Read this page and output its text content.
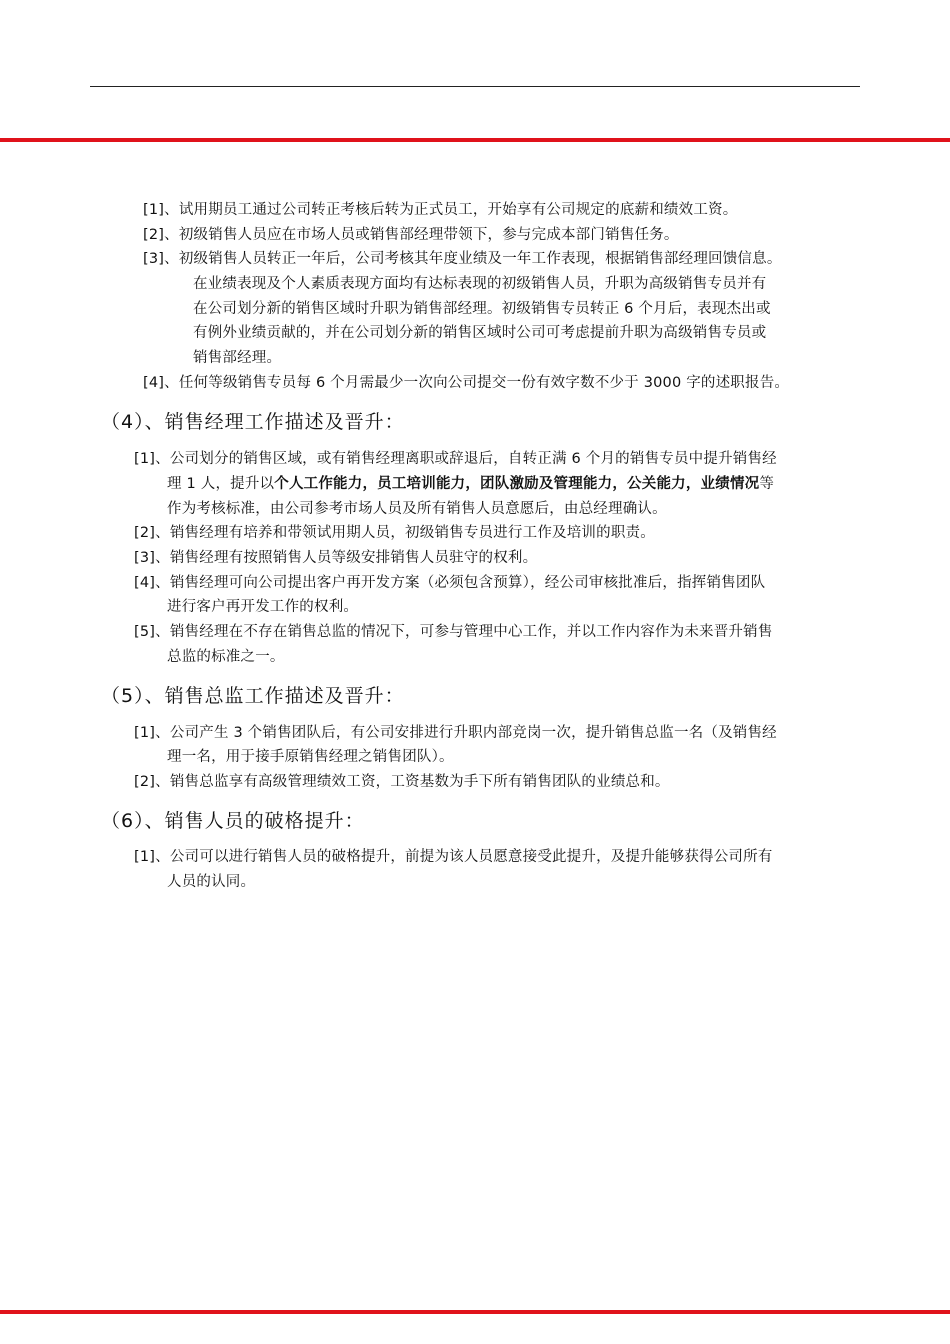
[1]、试用期员工通过公司转正考核后转为正式员工，开始享有公司规定的底薪和绩效工资。
[2]、初级销售人员应在市场人员或销售部经理带领下，参与完成本部门销售任务。
[3]、初级销售人员转正一年后，公司考核其年度业绩及一年工作表现，根据销售部经理回馈信息。
在业绩表现及个人素质表现方面均有达标表现的初级销售人员，升职为高级销售专员并有
在公司划分新的销售区域时升职为销售部经理。初级销售专员转正 6 个月后，表现杰出或
有例外业绩贡献的，并在公司划分新的销售区域时公司可考虑提前升职为高级销售专员或
销售部经理。
[4]、任何等级销售专员每 6 个月需最少一次向公司提交一份有效字数不少于 3000 字的述职报告。
（4）、销售经理工作描述及晋升：
[1]、公司划分的销售区域，或有销售经理离职或辞退后，自转正满 6 个月的销售专员中提升销售经
理 1 人，提升以个人工作能力，员工培训能力，团队激励及管理能力，公关能力，业绩情况等
作为考核标准，由公司参考市场人员及所有销售人员意愿后，由总经理确认。
[2]、销售经理有培养和带领试用期人员，初级销售专员进行工作及培训的职责。
[3]、销售经理有按照销售人员等级安排销售人员驻守的权利。
[4]、销售经理可向公司提出客户再开发方案（必须包含预算），经公司审核批准后，指挥销售团队
进行客户再开发工作的权利。
[5]、销售经理在不存在销售总监的情况下，可参与管理中心工作，并以工作内容作为未来晋升销售
总监的标准之一。
（5）、销售总监工作描述及晋升：
[1]、公司产生 3 个销售团队后，有公司安排进行升职内部竞岗一次，提升销售总监一名（及销售经
理一名，用于接手原销售经理之销售团队）。
[2]、销售总监享有高级管理绩效工资，工资基数为手下所有销售团队的业绩总和。
（6）、销售人员的破格提升：
[1]、公司可以进行销售人员的破格提升，前提为该人员愿意接受此提升，及提升能够获得公司所有
人员的认同。
